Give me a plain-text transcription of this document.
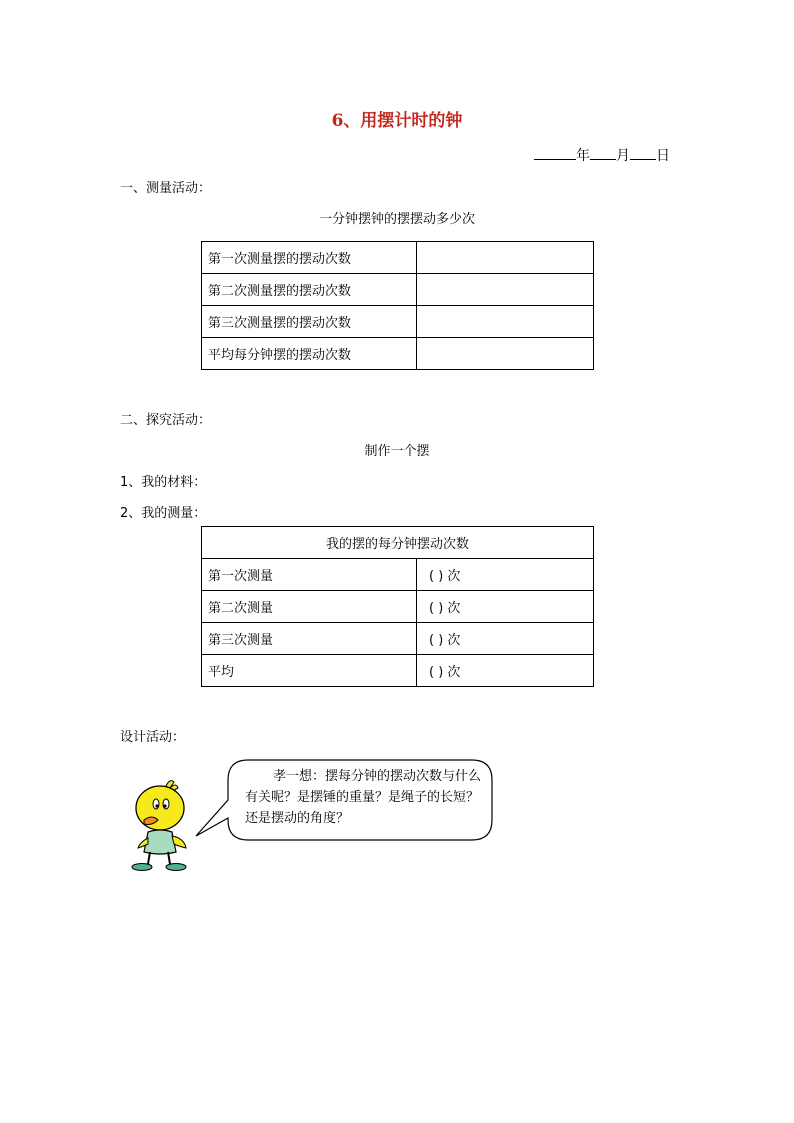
6、用摆计时的钟
年 月 日
一、测量活动：
一分钟摆钟的摆摆动多少次
第一次测量摆的摆动次数	
第二次测量摆的摆动次数	
第三次测量摆的摆动次数	
平均每分钟摆的摆动次数	
二、探究活动：
制作一个摆
1、我的材料：
2、我的测量：
我的摆的每分钟摆动次数	
第一次测量	( ) 次
第二次测量	( ) 次
第三次测量	( ) 次
平均	( ) 次
设计活动：
孝一想：摆每分钟的摆动次数与什么有关呢？是摆锤的重量？是绳子的长短？还是摆动的角度？
